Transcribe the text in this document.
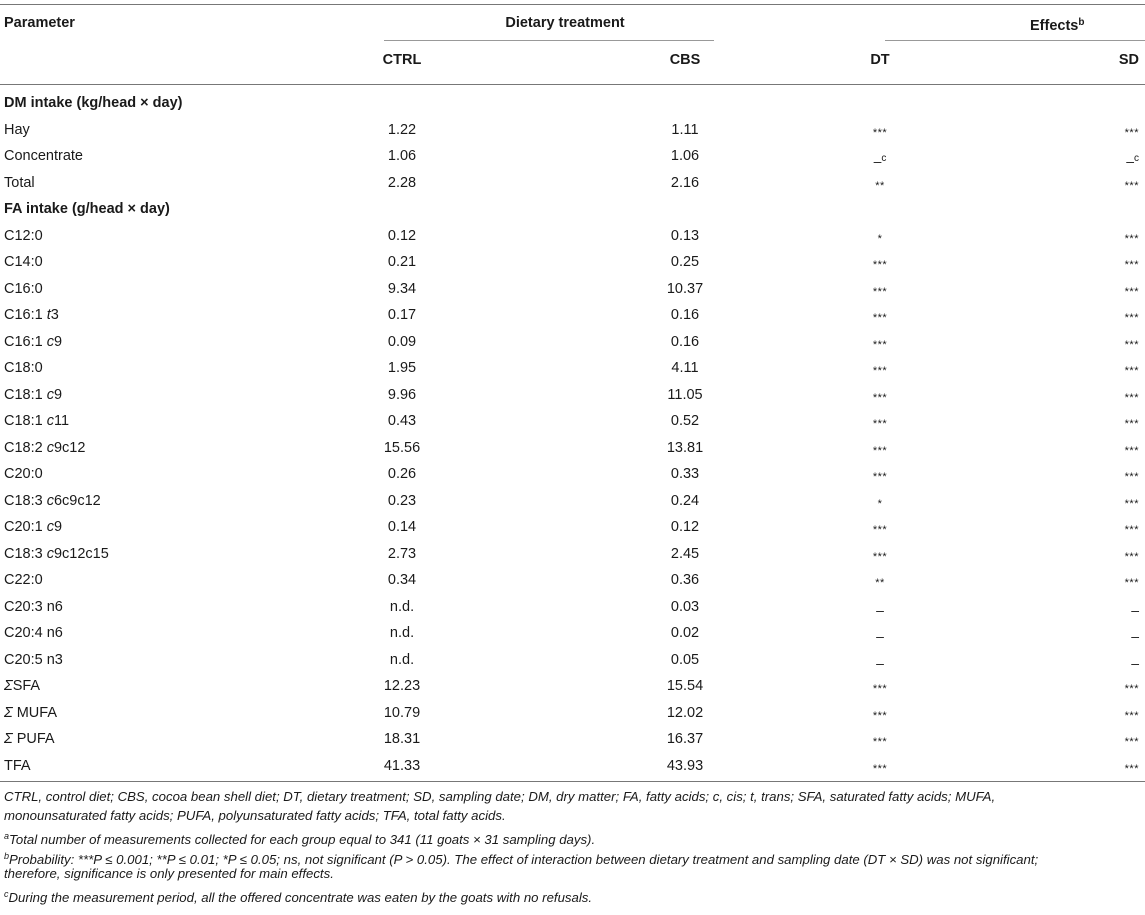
Parameter	Dietary treatment	Effects$^b$
CTRL	CBS	DT	SD
DM intake (kg/head × day)
Hay	1.22	1.11	***	***
Concentrate	1.06	1.06	–$^c$	–$^c$
Total	2.28	2.16	**	***
FA intake (g/head × day)
C12:0	0.12	0.13	*	***
C14:0	0.21	0.25	***	***
C16:0	9.34	10.37	***	***
C16:1 t3	0.17	0.16	***	***
C16:1 c9	0.09	0.16	***	***
C18:0	1.95	4.11	***	***
C18:1 c9	9.96	11.05	***	***
C18:1 c11	0.43	0.52	***	***
C18:2 c9c12	15.56	13.81	***	***
C20:0	0.26	0.33	***	***
C18:3 c6c9c12	0.23	0.24	*	***
C20:1 c9	0.14	0.12	***	***
C18:3 c9c12c15	2.73	2.45	***	***
C22:0	0.34	0.36	**	***
C20:3 n6	n.d.	0.03	–	–
C20:4 n6	n.d.	0.02	–	–
C20:5 n3	n.d.	0.05	–	–
ΣSFA	12.23	15.54	***	***
Σ MUFA	10.79	12.02	***	***
Σ PUFA	18.31	16.37	***	***
TFA	41.33	43.93	***	***
CTRL, control diet; CBS, cocoa bean shell diet; DT, dietary treatment; SD, sampling date; DM, dry matter; FA, fatty acids; c, cis; t, trans; SFA, saturated fatty acids; MUFA,
monounsaturated fatty acids; PUFA, polyunsaturated fatty acids; TFA, total fatty acids.
$^a$Total number of measurements collected for each group equal to 341 (11 goats × 31 sampling days).
$^b$Probability: ***P ≤ 0.001; **P ≤ 0.01; *P ≤ 0.05; ns, not significant (P > 0.05). The effect of interaction between dietary treatment and sampling date (DT × SD) was not significant;
therefore, significance is only presented for main effects.
$^c$During the measurement period, all the offered concentrate was eaten by the goats with no refusals.
